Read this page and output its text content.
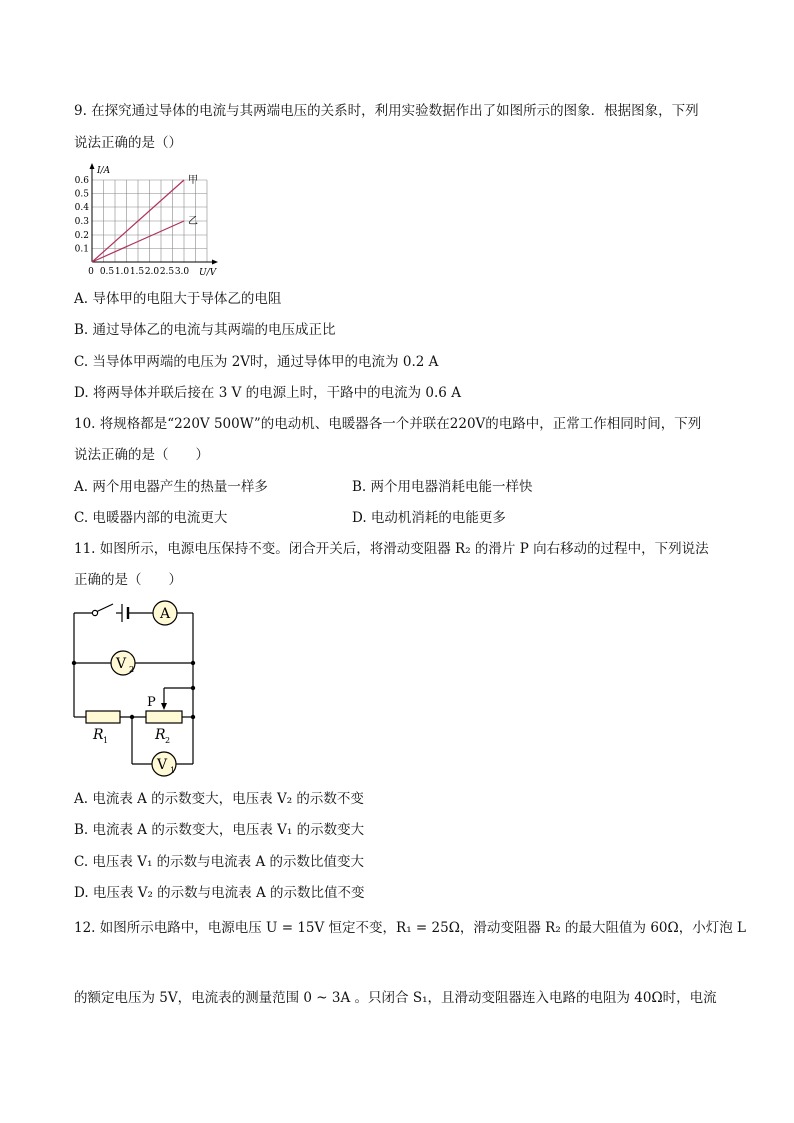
9. 在探究通过导体的电流与其两端电压的关系时，利用实验数据作出了如图所示的图象．根据图象，下列
说法正确的是（）
I/A
甲
乙
0.6
0.5
0.4
0.3
0.2
0.1
0 0.5 1.0 1.5 2.0 2.5 3.0 U/V
A. 导体甲的电阻大于导体乙的电阻
B. 通过导体乙的电流与其两端的电压成正比
C. 当导体甲两端的电压为 2V时，通过导体甲的电流为 0.2 A
D. 将两导体并联后接在 3 V 的电源上时，干路中的电流为 0.6 A
10. 将规格都是“220V 500W”的电动机、电暖器各一个并联在220V的电路中，正常工作相同时间，下列
说法正确的是（　　）
A. 两个用电器产生的热量一样多	B. 两个用电器消耗电能一样快
C. 电暖器内部的电流更大	D. 电动机消耗的电能更多
11. 如图所示，电源电压保持不变。闭合开关后，将滑动变阻器 R₂ 的滑片 P 向右移动的过程中，下列说法
正确的是（　　）
A
V 2
V 1
P
R 1	R 2
A. 电流表 A 的示数变大，电压表 V₂ 的示数不变
B. 电流表 A 的示数变大，电压表 V₁ 的示数变大
C. 电压表 V₁ 的示数与电流表 A 的示数比值变大
D. 电压表 V₂ 的示数与电流表 A 的示数比值不变
12. 如图所示电路中，电源电压 U = 15V 恒定不变，R₁ = 25Ω，滑动变阻器 R₂ 的最大阻值为 60Ω，小灯泡 L
的额定电压为 5V，电流表的测量范围 0 ~ 3A 。只闭合 S₁，且滑动变阻器连入电路的电阻为 40Ω时，电流
